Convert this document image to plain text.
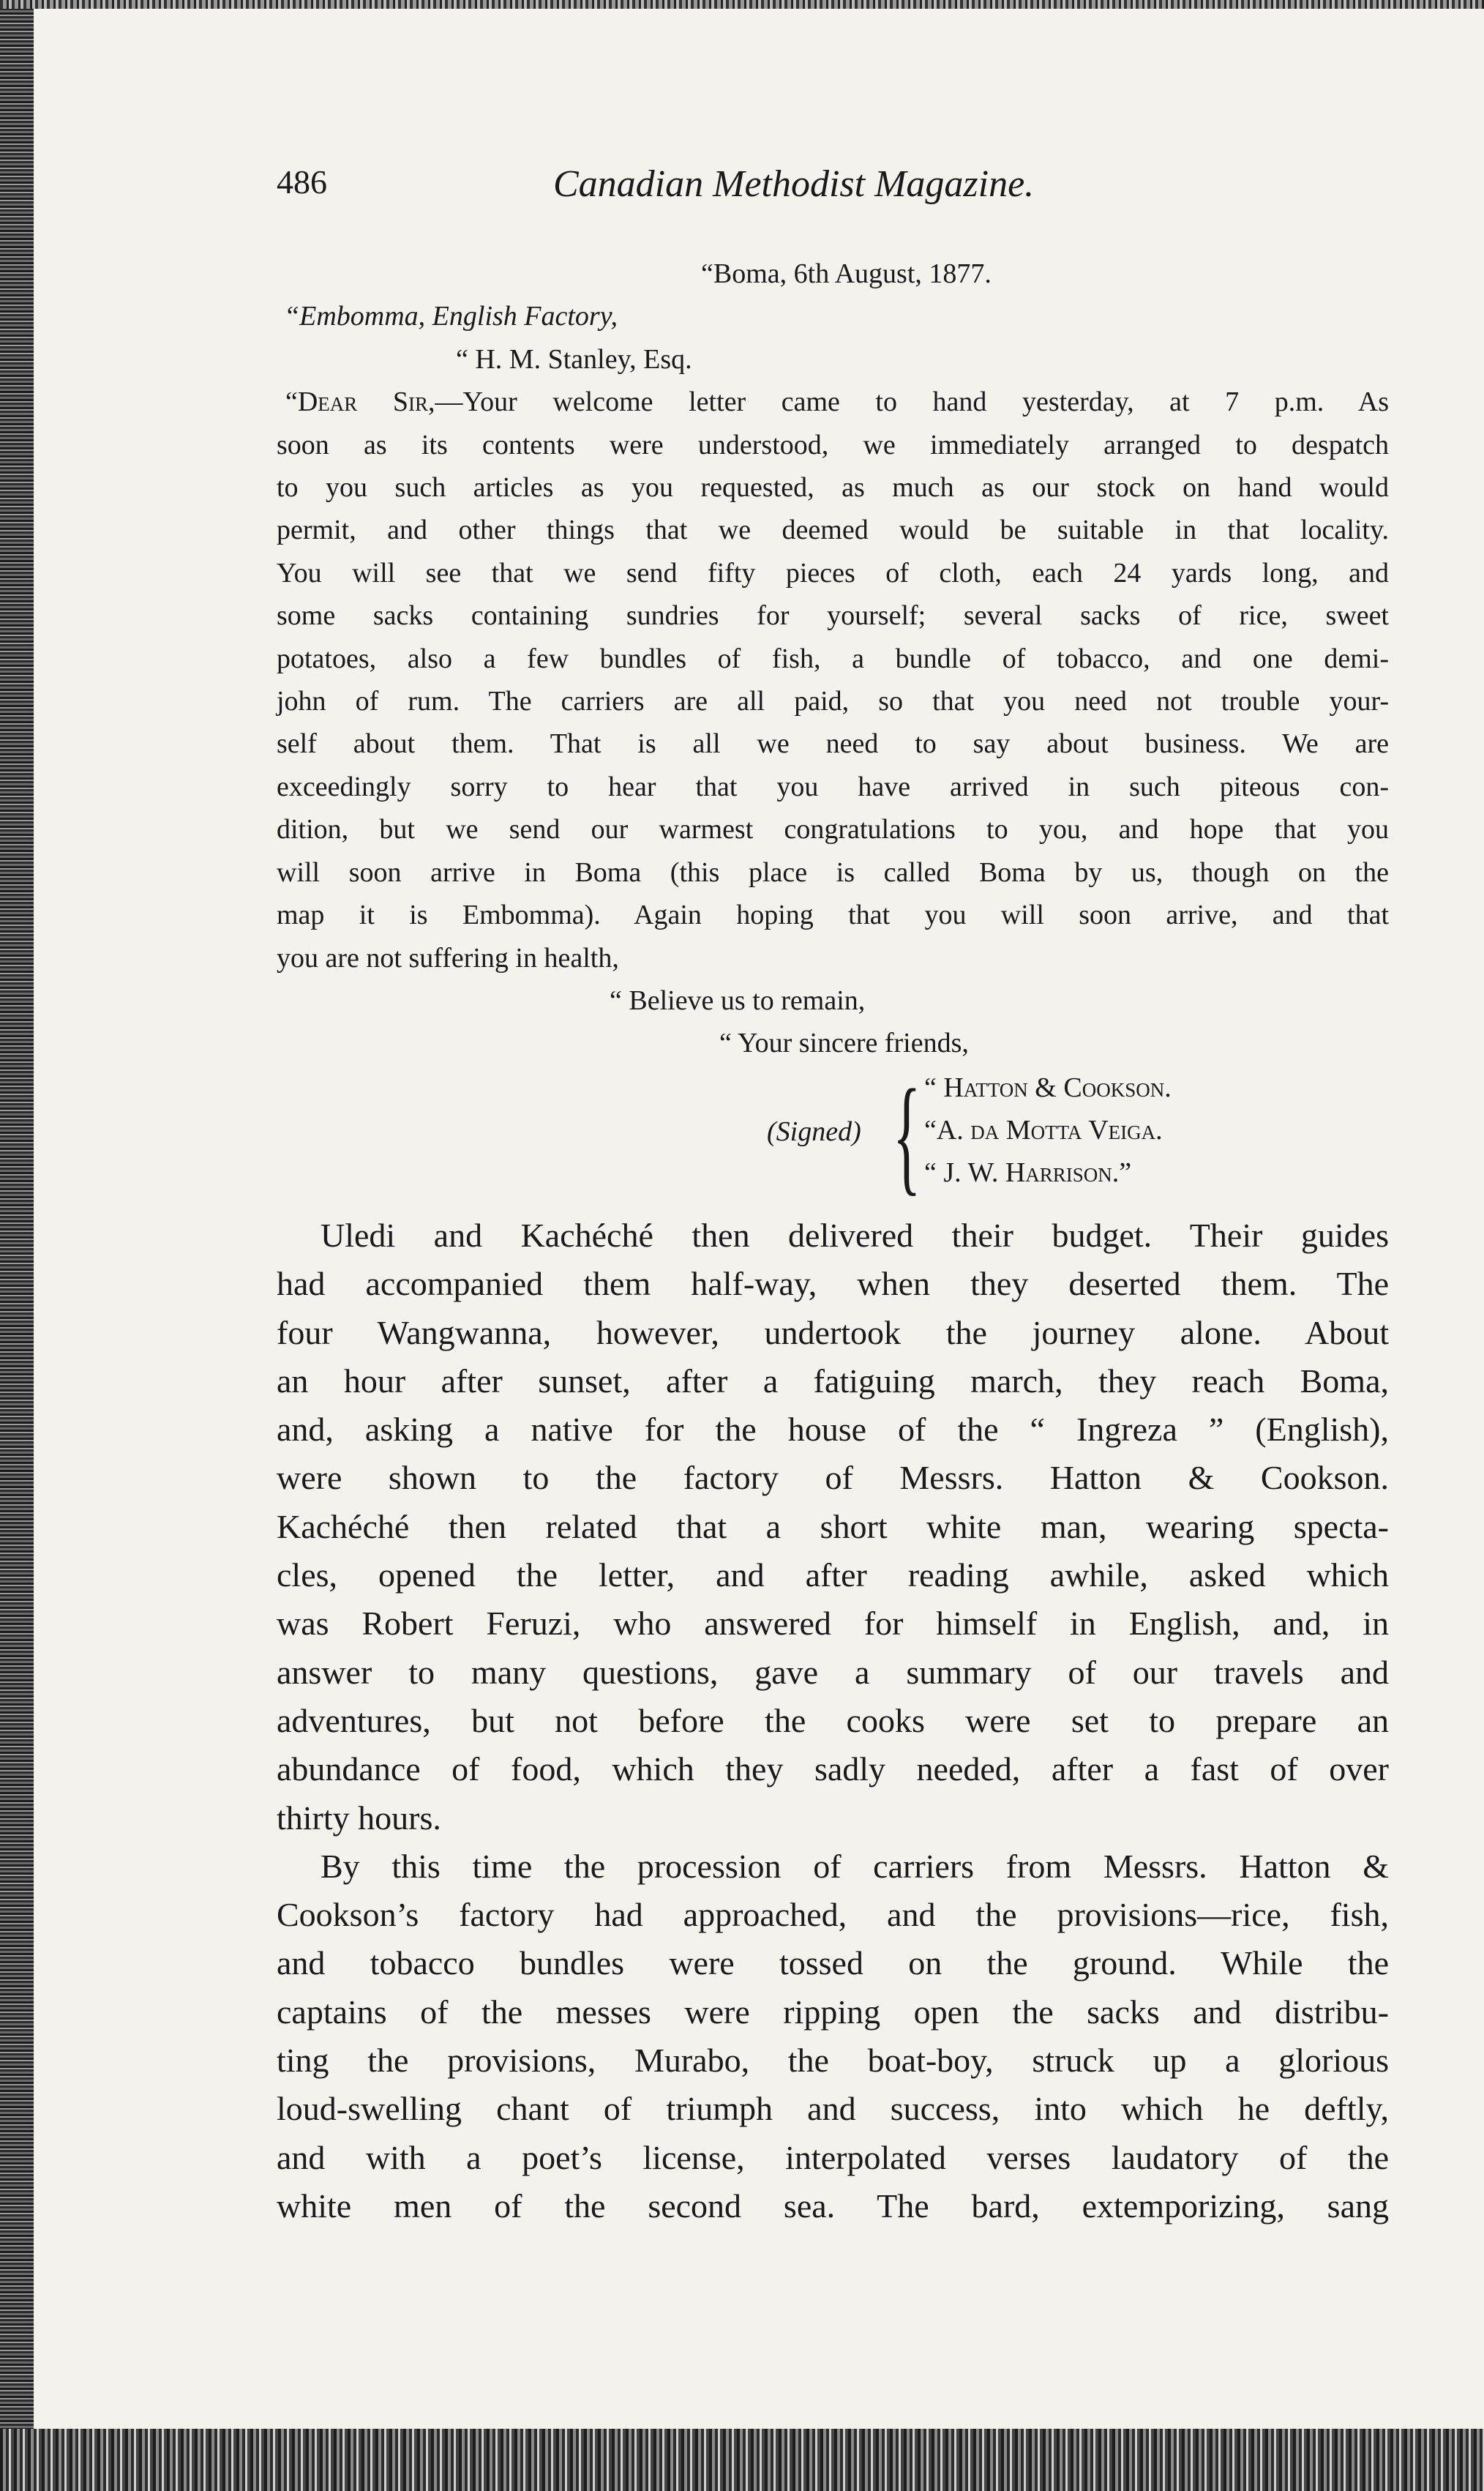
486	Canadian Methodist Magazine.
“Boma, 6th August, 1877.
“Embomma, English Factory,
“ H. M. Stanley, Esq.
“Dear Sir,—Your welcome letter came to hand yesterday, at 7 p.m. As
soon as its contents were understood, we immediately arranged to despatch
to you such articles as you requested, as much as our stock on hand would
permit, and other things that we deemed would be suitable in that locality.
You will see that we send fifty pieces of cloth, each 24 yards long, and
some sacks containing sundries for yourself; several sacks of rice, sweet
potatoes, also a few bundles of fish, a bundle of tobacco, and one demi-
john of rum. The carriers are all paid, so that you need not trouble your-
self about them. That is all we need to say about business. We are
exceedingly sorry to hear that you have arrived in such piteous con-
dition, but we send our warmest congratulations to you, and hope that you
will soon arrive in Boma (this place is called Boma by us, though on the
map it is Embomma). Again hoping that you will soon arrive, and that
you are not suffering in health,
“ Believe us to remain,
“ Your sincere friends,
(Signed) { “ Hatton & Cookson.
“A. da Motta Veiga.
“ J. W. Harrison.”
Uledi and Kachéché then delivered their budget. Their guides
had accompanied them half-way, when they deserted them. The
four Wangwanna, however, undertook the journey alone. About
an hour after sunset, after a fatiguing march, they reach Boma,
and, asking a native for the house of the “ Ingreza ” (English),
were shown to the factory of Messrs. Hatton & Cookson.
Kachéché then related that a short white man, wearing specta-
cles, opened the letter, and after reading awhile, asked which
was Robert Feruzi, who answered for himself in English, and, in
answer to many questions, gave a summary of our travels and
adventures, but not before the cooks were set to prepare an
abundance of food, which they sadly needed, after a fast of over
thirty hours.
By this time the procession of carriers from Messrs. Hatton &
Cookson’s factory had approached, and the provisions—rice, fish,
and tobacco bundles were tossed on the ground. While the
captains of the messes were ripping open the sacks and distribu-
ting the provisions, Murabo, the boat-boy, struck up a glorious
loud-swelling chant of triumph and success, into which he deftly,
and with a poet’s license, interpolated verses laudatory of the
white men of the second sea. The bard, extemporizing, sang
